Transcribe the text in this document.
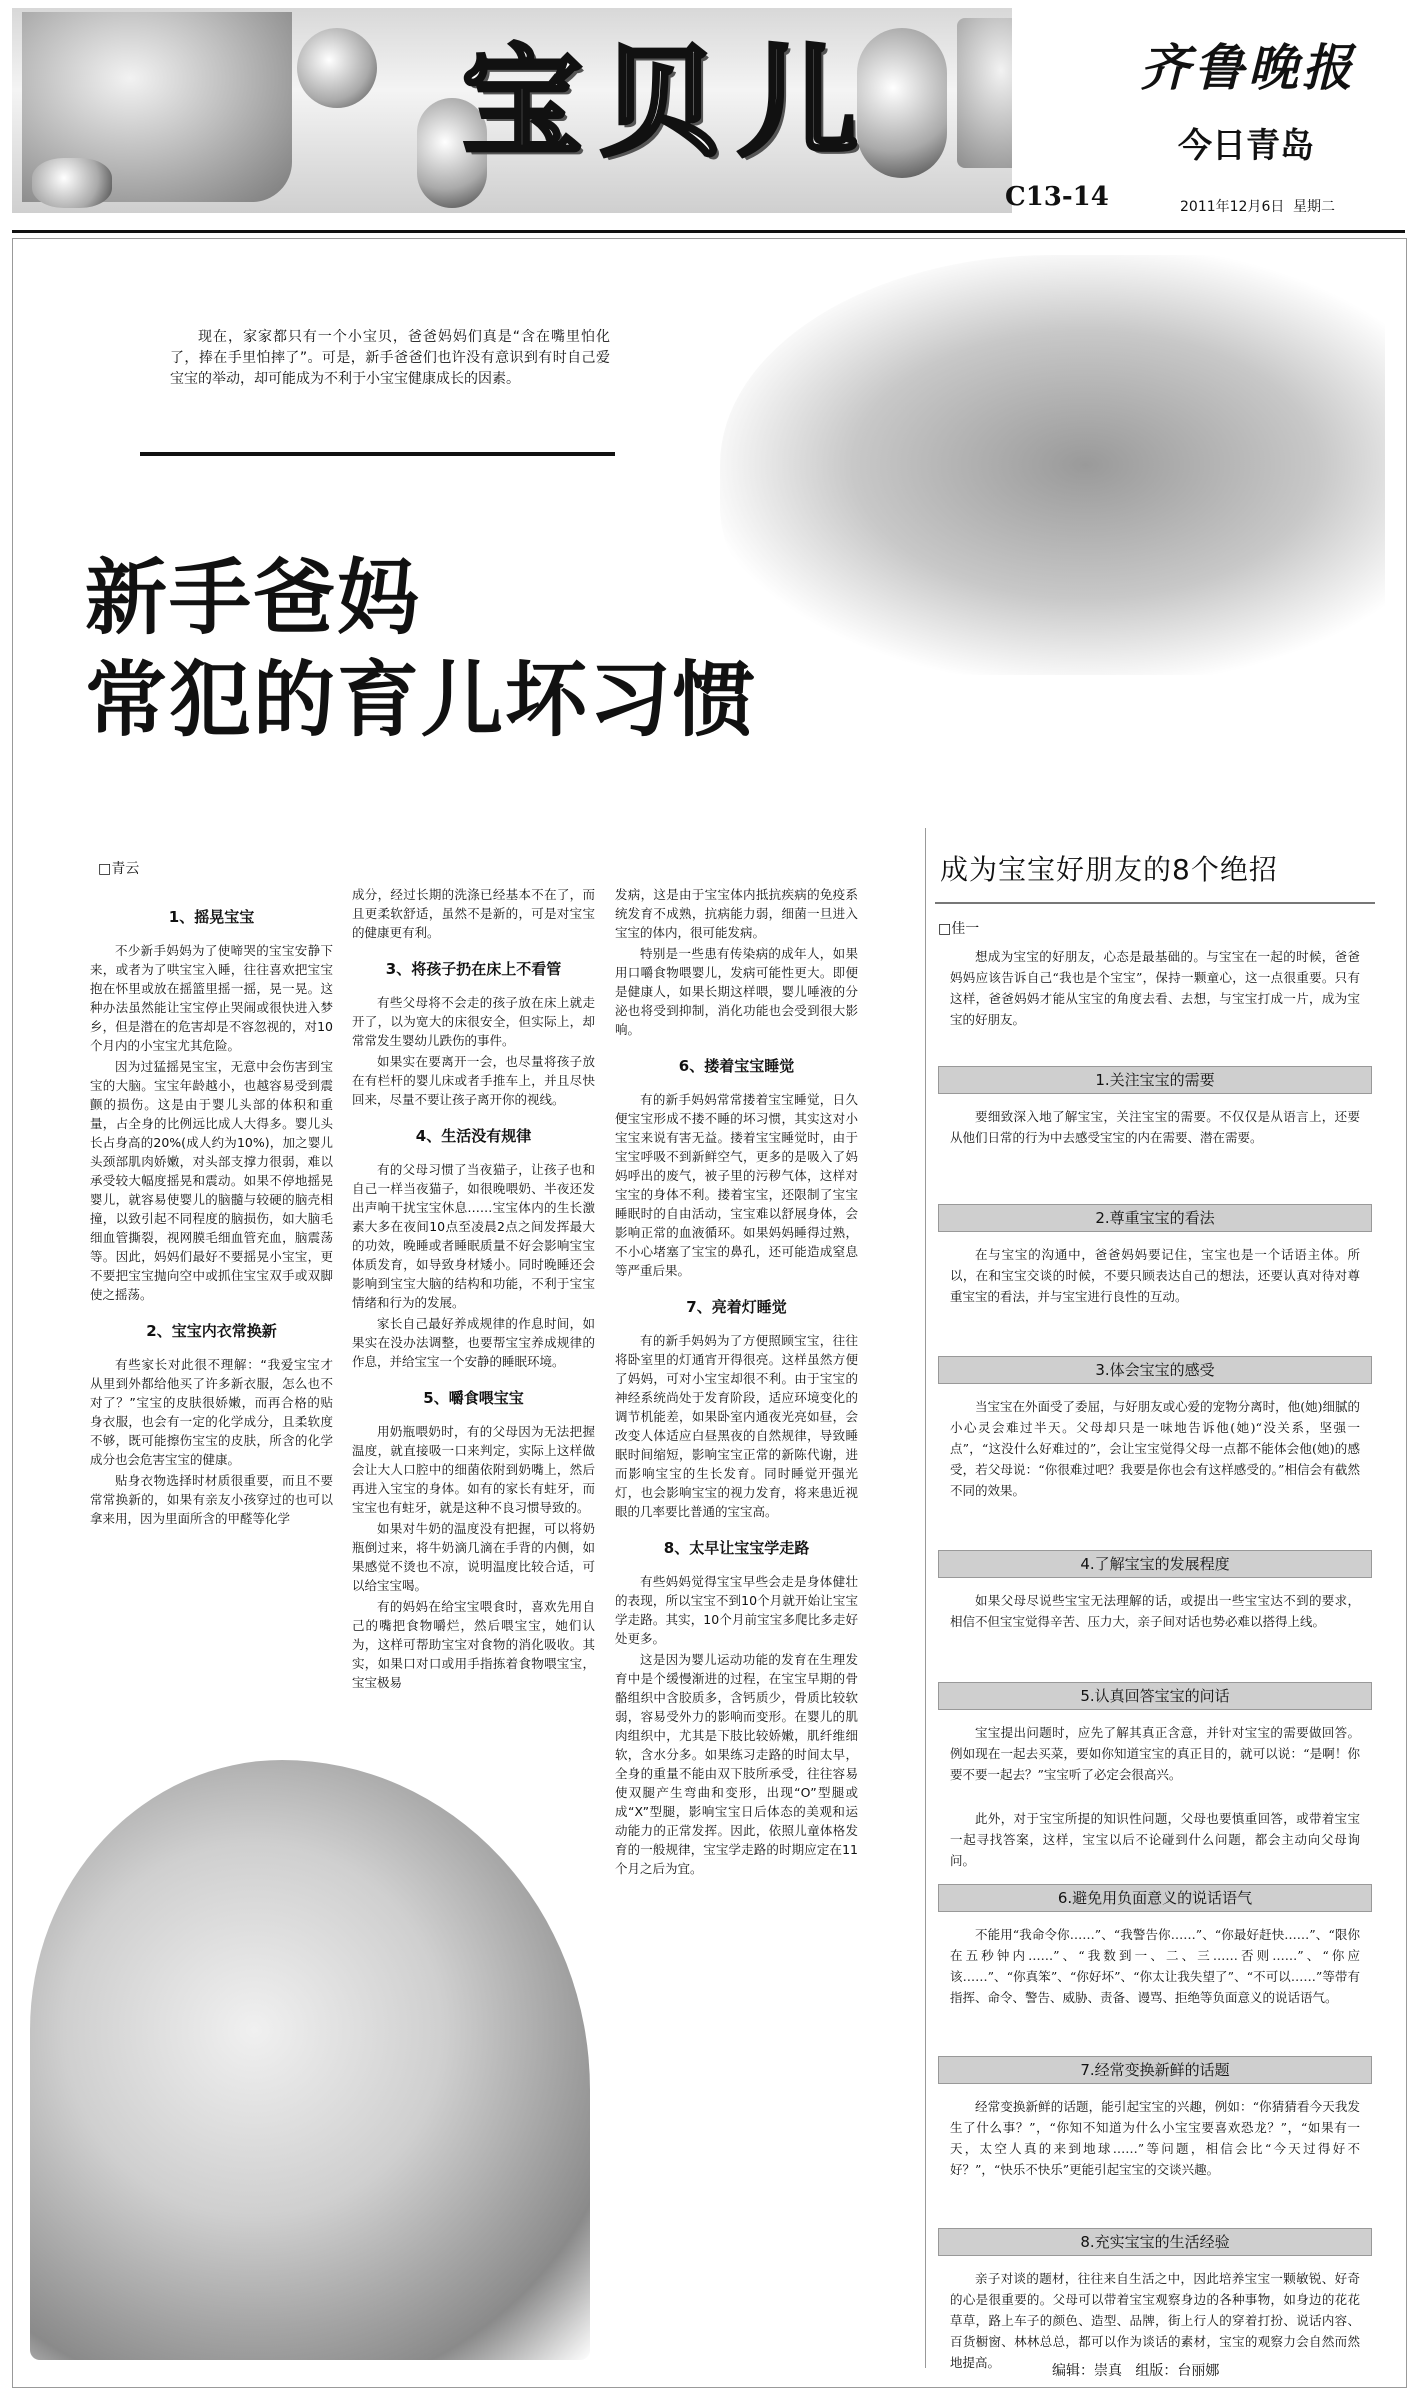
宝贝儿
C13-14
齐鲁晚报
今日青岛
2011年12月6日 星期二
现在，家家都只有一个小宝贝，爸爸妈妈们真是“含在嘴里怕化了，捧在手里怕摔了”。可是，新手爸爸们也许没有意识到有时自己爱宝宝的举动，却可能成为不利于小宝宝健康成长的因素。
新手爸妈
常犯的育儿坏习惯
□青云
1、摇晃宝宝

不少新手妈妈为了使啼哭的宝宝安静下来，或者为了哄宝宝入睡，往往喜欢把宝宝抱在怀里或放在摇篮里摇一摇，晃一晃。这种办法虽然能让宝宝停止哭闹或很快进入梦乡，但是潜在的危害却是不容忽视的，对10个月内的小宝宝尤其危险。

因为过猛摇晃宝宝，无意中会伤害到宝宝的大脑。宝宝年龄越小，也越容易受到震颤的损伤。这是由于婴儿头部的体积和重量，占全身的比例远比成人大得多。婴儿头长占身高的20%(成人约为10%)，加之婴儿头颈部肌肉娇嫩，对头部支撑力很弱，难以承受较大幅度摇晃和震动。如果不停地摇晃婴儿，就容易使婴儿的脑髓与较硬的脑壳相撞，以致引起不同程度的脑损伤，如大脑毛细血管撕裂，视网膜毛细血管充血，脑震荡等。因此，妈妈们最好不要摇晃小宝宝，更不要把宝宝抛向空中或抓住宝宝双手或双脚使之摇荡。

2、宝宝内衣常换新

有些家长对此很不理解：“我爱宝宝才从里到外都给他买了许多新衣服，怎么也不对了？”宝宝的皮肤很娇嫩，而再合格的贴身衣服，也会有一定的化学成分，且柔软度不够，既可能擦伤宝宝的皮肤，所含的化学成分也会危害宝宝的健康。

贴身衣物选择时材质很重要，而且不要常常换新的，如果有亲友小孩穿过的也可以拿来用，因为里面所含的甲醛等化学

成分，经过长期的洗涤已经基本不在了，而且更柔软舒适，虽然不是新的，可是对宝宝的健康更有利。

3、将孩子扔在床上不看管

有些父母将不会走的孩子放在床上就走开了，以为宽大的床很安全，但实际上，却常常发生婴幼儿跌伤的事件。

如果实在要离开一会，也尽量将孩子放在有栏杆的婴儿床或者手推车上，并且尽快回来，尽量不要让孩子离开你的视线。

4、生活没有规律

有的父母习惯了当夜猫子，让孩子也和自己一样当夜猫子，如很晚喂奶、半夜还发出声响干扰宝宝休息……宝宝体内的生长激素大多在夜间10点至凌晨2点之间发挥最大的功效，晚睡或者睡眠质量不好会影响宝宝体质发育，如导致身材矮小。同时晚睡还会影响到宝宝大脑的结构和功能，不利于宝宝情绪和行为的发展。

家长自己最好养成规律的作息时间，如果实在没办法调整，也要帮宝宝养成规律的作息，并给宝宝一个安静的睡眠环境。

5、嚼食喂宝宝

用奶瓶喂奶时，有的父母因为无法把握温度，就直接吸一口来判定，实际上这样做会让大人口腔中的细菌依附到奶嘴上，然后再进入宝宝的身体。如有的家长有蛀牙，而宝宝也有蛀牙，就是这种不良习惯导致的。

如果对牛奶的温度没有把握，可以将奶瓶倒过来，将牛奶滴几滴在手背的内侧，如果感觉不烫也不凉，说明温度比较合适，可以给宝宝喝。

有的妈妈在给宝宝喂食时，喜欢先用自己的嘴把食物嚼烂，然后喂宝宝，她们认为，这样可帮助宝宝对食物的消化吸收。其实，如果口对口或用手指拣着食物喂宝宝，宝宝极易

发病，这是由于宝宝体内抵抗疾病的免疫系统发育不成熟，抗病能力弱，细菌一旦进入宝宝的体内，很可能发病。

特别是一些患有传染病的成年人，如果用口嚼食物喂婴儿，发病可能性更大。即便是健康人，如果长期这样喂，婴儿唾液的分泌也将受到抑制，消化功能也会受到很大影响。

6、搂着宝宝睡觉

有的新手妈妈常常搂着宝宝睡觉，日久便宝宝形成不搂不睡的坏习惯，其实这对小宝宝来说有害无益。搂着宝宝睡觉时，由于宝宝呼吸不到新鲜空气，更多的是吸入了妈妈呼出的废气，被子里的污秽气体，这样对宝宝的身体不利。搂着宝宝，还限制了宝宝睡眠时的自由活动，宝宝难以舒展身体，会影响正常的血液循环。如果妈妈睡得过熟，不小心堵塞了宝宝的鼻孔，还可能造成窒息等严重后果。

7、亮着灯睡觉

有的新手妈妈为了方便照顾宝宝，往往将卧室里的灯通宵开得很亮。这样虽然方便了妈妈，可对小宝宝却很不利。由于宝宝的神经系统尚处于发育阶段，适应环境变化的调节机能差，如果卧室内通夜光亮如昼，会改变人体适应白昼黑夜的自然规律，导致睡眠时间缩短，影响宝宝正常的新陈代谢，进而影响宝宝的生长发育。同时睡觉开强光灯，也会影响宝宝的视力发育，将来患近视眼的几率要比普通的宝宝高。

8、太早让宝宝学走路

有些妈妈觉得宝宝早些会走是身体健壮的表现，所以宝宝不到10个月就开始让宝宝学走路。其实，10个月前宝宝多爬比多走好处更多。

这是因为婴儿运动功能的发育在生理发育中是个缓慢渐进的过程，在宝宝早期的骨骼组织中含胶质多，含钙质少，骨质比较软弱，容易受外力的影响而变形。在婴儿的肌肉组织中，尤其是下肢比较娇嫩，肌纤维细软，含水分多。如果练习走路的时间太早，全身的重量不能由双下肢所承受，往往容易使双腿产生弯曲和变形，出现“O”型腿或成“X”型腿，影响宝宝日后体态的美观和运动能力的正常发挥。因此，依照儿童体格发育的一般规律，宝宝学走路的时期应定在11个月之后为宜。

成为宝宝好朋友的8个绝招
□佳一

想成为宝宝的好朋友，心态是最基础的。与宝宝在一起的时候，爸爸妈妈应该告诉自己“我也是个宝宝”，保持一颗童心，这一点很重要。只有这样，爸爸妈妈才能从宝宝的角度去看、去想，与宝宝打成一片，成为宝宝的好朋友。

1.关注宝宝的需要

要细致深入地了解宝宝，关注宝宝的需要。不仅仅是从语言上，还要从他们日常的行为中去感受宝宝的内在需要、潜在需要。

2.尊重宝宝的看法

在与宝宝的沟通中，爸爸妈妈要记住，宝宝也是一个话语主体。所以，在和宝宝交谈的时候，不要只顾表达自己的想法，还要认真对待对尊重宝宝的看法，并与宝宝进行良性的互动。

3.体会宝宝的感受

当宝宝在外面受了委屈，与好朋友或心爱的宠物分离时，他(她)细腻的小心灵会难过半天。父母却只是一味地告诉他(她)“没关系，坚强一点”，“这没什么好难过的”，会让宝宝觉得父母一点都不能体会他(她)的感受，若父母说：“你很难过吧？我要是你也会有这样感受的。”相信会有截然不同的效果。

4.了解宝宝的发展程度

如果父母尽说些宝宝无法理解的话，或提出一些宝宝达不到的要求，相信不但宝宝觉得辛苦、压力大，亲子间对话也势必难以搭得上线。

5.认真回答宝宝的问话

宝宝提出问题时，应先了解其真正含意，并针对宝宝的需要做回答。例如现在一起去买菜，要如你知道宝宝的真正目的，就可以说：“是啊！你要不要一起去？”宝宝听了必定会很高兴。

此外，对于宝宝所提的知识性问题，父母也要慎重回答，或带着宝宝一起寻找答案，这样，宝宝以后不论碰到什么问题，都会主动向父母询问。

6.避免用负面意义的说话语气

不能用“我命令你……”、“我警告你……”、“你最好赶快……”、“限你在五秒钟内……”、“我数到一、二、三……否则……”、“你应该……”、“你真笨”、“你好坏”、“你太让我失望了”、“不可以……”等带有指挥、命令、警告、威胁、责备、谩骂、拒绝等负面意义的说话语气。

7.经常变换新鲜的话题

经常变换新鲜的话题，能引起宝宝的兴趣，例如：“你猜猜看今天我发生了什么事？”，“你知不知道为什么小宝宝要喜欢恐龙？”，“如果有一天，太空人真的来到地球……”等问题，相信会比“今天过得好不好？”，“快乐不快乐”更能引起宝宝的交谈兴趣。

8.充实宝宝的生活经验

亲子对谈的题材，往往来自生活之中，因此培养宝宝一颗敏锐、好奇的心是很重要的。父母可以带着宝宝观察身边的各种事物，如身边的花花草草，路上车子的颜色、造型、品牌，街上行人的穿着打扮、说话内容、百货橱窗、林林总总，都可以作为谈话的素材，宝宝的观察力会自然而然地提高。

编辑：崇真   组版：台丽娜
